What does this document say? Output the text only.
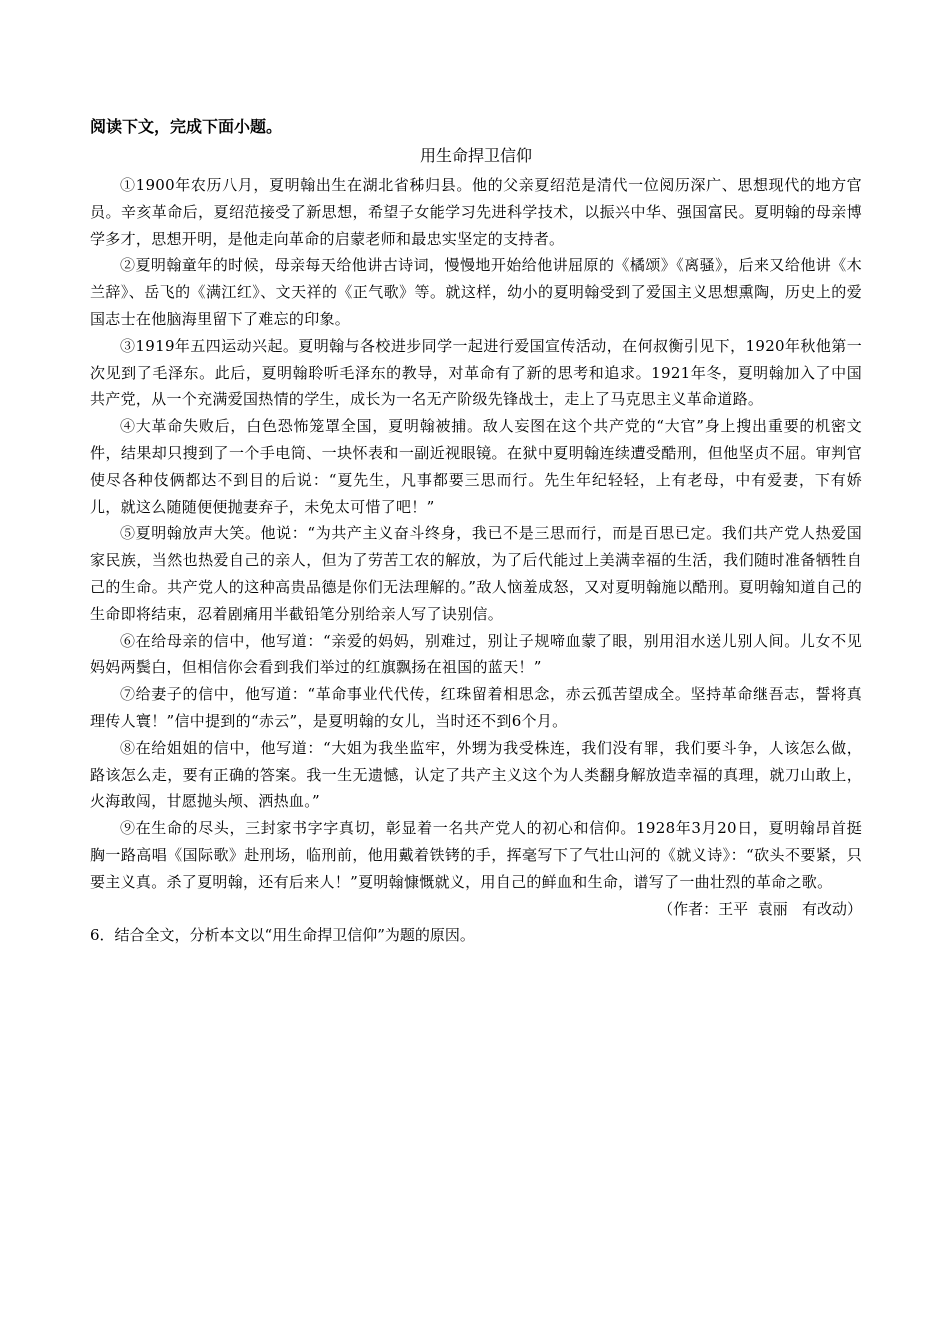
阅读下文，完成下面小题。

用生命捍卫信仰

①1900年农历八月，夏明翰出生在湖北省秭归县。他的父亲夏绍范是清代一位阅历深广、思想现代的地方官员。辛亥革命后，夏绍范接受了新思想，希望子女能学习先进科学技术，以振兴中华、强国富民。夏明翰的母亲博学多才，思想开明，是他走向革命的启蒙老师和最忠实坚定的支持者。

②夏明翰童年的时候，母亲每天给他讲古诗词，慢慢地开始给他讲屈原的《橘颂》《离骚》，后来又给他讲《木兰辞》、岳飞的《满江红》、文天祥的《正气歌》等。就这样，幼小的夏明翰受到了爱国主义思想熏陶，历史上的爱国志士在他脑海里留下了难忘的印象。

③1919年五四运动兴起。夏明翰与各校进步同学一起进行爱国宣传活动，在何叔衡引见下，1920年秋他第一次见到了毛泽东。此后，夏明翰聆听毛泽东的教导，对革命有了新的思考和追求。1921年冬，夏明翰加入了中国共产党，从一个充满爱国热情的学生，成长为一名无产阶级先锋战士，走上了马克思主义革命道路。

④大革命失败后，白色恐怖笼罩全国，夏明翰被捕。敌人妄图在这个共产党的“大官”身上搜出重要的机密文件，结果却只搜到了一个手电筒、一块怀表和一副近视眼镜。在狱中夏明翰连续遭受酷刑，但他坚贞不屈。审判官使尽各种伎俩都达不到目的后说：“夏先生，凡事都要三思而行。先生年纪轻轻，上有老母，中有爱妻，下有娇儿，就这么随随便便抛妻弃子，未免太可惜了吧！”

⑤夏明翰放声大笑。他说：“为共产主义奋斗终身，我已不是三思而行，而是百思已定。我们共产党人热爱国家民族，当然也热爱自己的亲人，但为了劳苦工农的解放，为了后代能过上美满幸福的生活，我们随时准备牺牲自己的生命。共产党人的这种高贵品德是你们无法理解的。”敌人恼羞成怒，又对夏明翰施以酷刑。夏明翰知道自己的生命即将结束，忍着剧痛用半截铅笔分别给亲人写了诀别信。

⑥在给母亲的信中，他写道：“亲爱的妈妈，别难过，别让子规啼血蒙了眼，别用泪水送儿别人间。儿女不见妈妈两鬓白，但相信你会看到我们举过的红旗飘扬在祖国的蓝天！”

⑦给妻子的信中，他写道：“革命事业代代传，红珠留着相思念，赤云孤苦望成全。坚持革命继吾志，誓将真理传人寰！”信中提到的“赤云”，是夏明翰的女儿，当时还不到6个月。

⑧在给姐姐的信中，他写道：“大姐为我坐监牢，外甥为我受株连，我们没有罪，我们要斗争，人该怎么做，路该怎么走，要有正确的答案。我一生无遗憾，认定了共产主义这个为人类翻身解放造幸福的真理，就刀山敢上，火海敢闯，甘愿抛头颅、洒热血。”

⑨在生命的尽头，三封家书字字真切，彰显着一名共产党人的初心和信仰。1928年3月20日，夏明翰昂首挺胸一路高唱《国际歌》赴刑场，临刑前，他用戴着铁铐的手，挥毫写下了气壮山河的《就义诗》：“砍头不要紧，只要主义真。杀了夏明翰，还有后来人！”夏明翰慷慨就义，用自己的鲜血和生命，谱写了一曲壮烈的革命之歌。

（作者：王平  袁丽   有改动）

6．结合全文，分析本文以“用生命捍卫信仰”为题的原因。
